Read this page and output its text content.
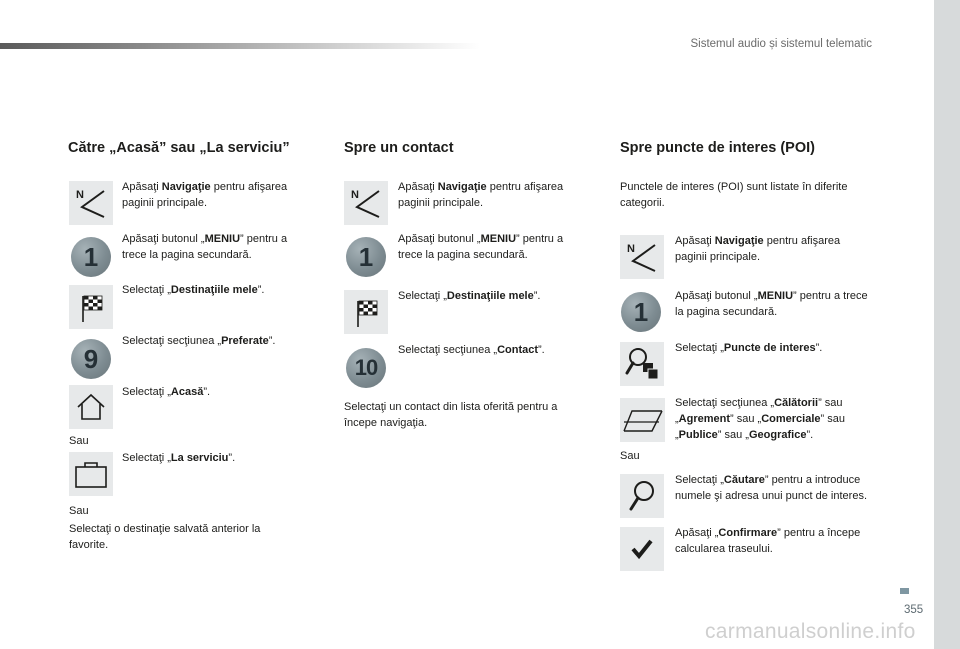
Sistemul audio și sistemul telematic
Către „Acasă” sau „La serviciu”
N
Apăsaţi Navigaţie pentru afişarea paginii principale.
1
Apăsaţi butonul „MENIU” pentru a trece la pagina secundară.
Selectaţi „Destinaţiile mele”.
9
Selectaţi secţiunea „Preferate”.
Selectaţi „Acasă”.
Sau
Selectaţi „La serviciu”.
Sau
Selectaţi o destinaţie salvată anterior la favorite.
Spre un contact
N
Apăsaţi Navigaţie pentru afişarea paginii principale.
1
Apăsaţi butonul „MENIU” pentru a trece la pagina secundară.
Selectaţi „Destinaţiile mele”.
10
Selectaţi secţiunea „Contact”.
Selectaţi un contact din lista oferită pentru a începe navigaţia.
Spre puncte de interes (POI)
Punctele de interes (POI) sunt listate în diferite categorii.
N
Apăsaţi Navigaţie pentru afişarea paginii principale.
1
Apăsaţi butonul „MENIU” pentru a trece la pagina secundară.
Selectaţi „Puncte de interes”.
Selectaţi secţiunea „Călătorii” sau „Agrement” sau „Comerciale” sau „Publice” sau „Geografice”.
Sau
Selectaţi „Căutare” pentru a introduce numele şi adresa unui punct de interes.
Apăsaţi „Confirmare” pentru a începe calcularea traseului.
355
carmanualsonline.info
